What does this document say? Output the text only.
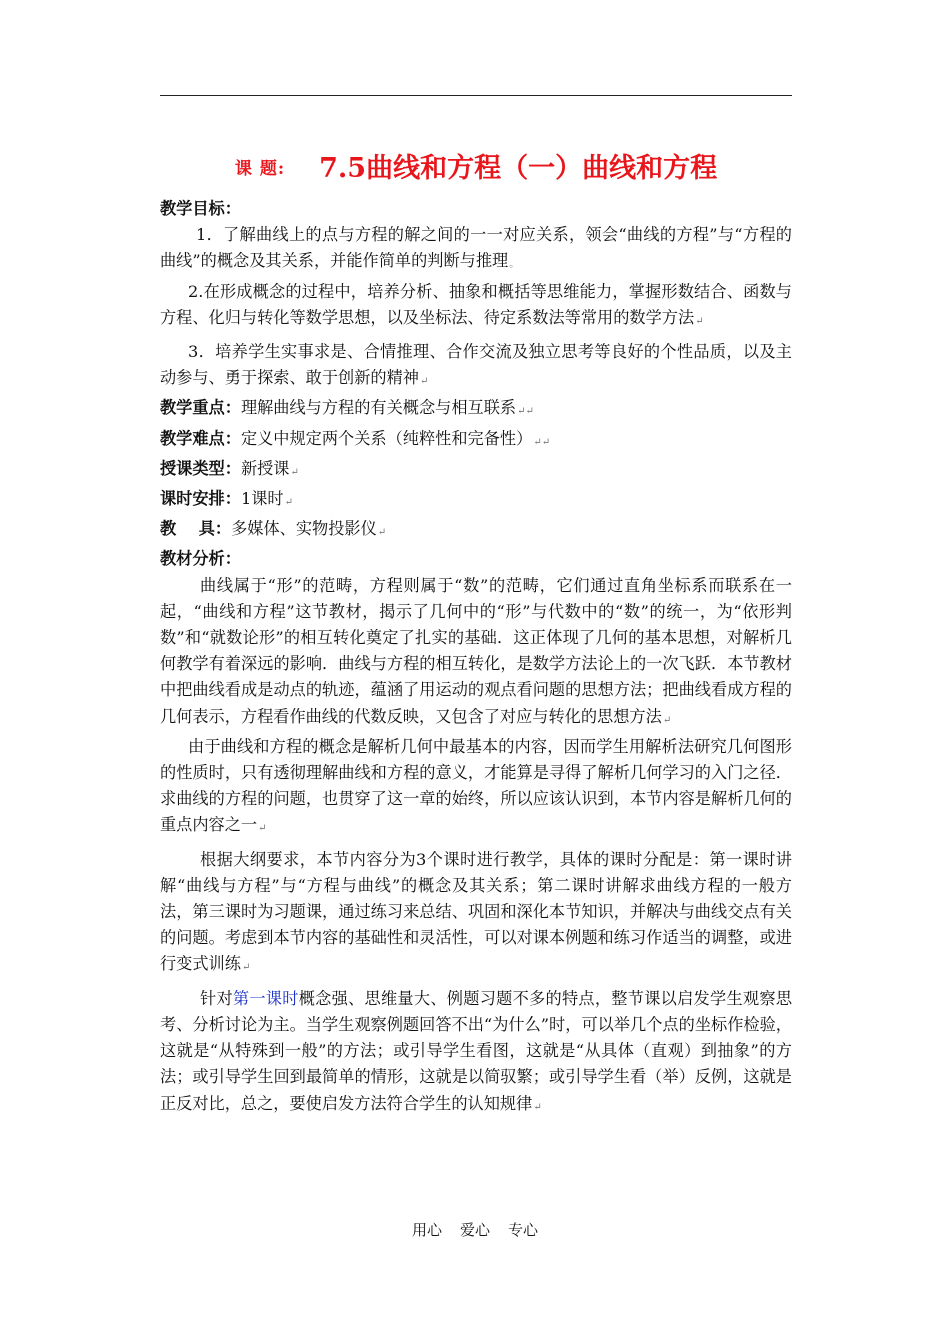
课 题: 7.5曲线和方程（一）曲线和方程

教学目标：

1．了解曲线上的点与方程的解之间的一一对应关系，领会“曲线的方程”与“方程的曲线”的概念及其关系，并能作简单的判断与推理。

2.在形成概念的过程中，培养分析、抽象和概括等思维能力，掌握形数结合、函数与方程、化归与转化等数学思想，以及坐标法、待定系数法等常用的数学方法↵

3．培养学生实事求是、合情推理、合作交流及独立思考等良好的个性品质，以及主动参与、勇于探索、敢于创新的精神↵

教学重点：理解曲线与方程的有关概念与相互联系↵↵

教学难点：定义中规定两个关系（纯粹性和完备性）↵↵

授课类型：新授课↵

课时安排：1课时↵

教    具：多媒体、实物投影仪↵

教材分析：

曲线属于“形”的范畴，方程则属于“数”的范畴，它们通过直角坐标系而联系在一起，“曲线和方程”这节教材，揭示了几何中的“形”与代数中的“数”的统一，为“依形判数”和“就数论形”的相互转化奠定了扎实的基础．这正体现了几何的基本思想，对解析几何教学有着深远的影响．曲线与方程的相互转化，是数学方法论上的一次飞跃．本节教材中把曲线看成是动点的轨迹，蕴涵了用运动的观点看问题的思想方法；把曲线看成方程的几何表示，方程看作曲线的代数反映，又包含了对应与转化的思想方法↵

由于曲线和方程的概念是解析几何中最基本的内容，因而学生用解析法研究几何图形的性质时，只有透彻理解曲线和方程的意义，才能算是寻得了解析几何学习的入门之径．求曲线的方程的问题，也贯穿了这一章的始终，所以应该认识到，本节内容是解析几何的重点内容之一↵

根据大纲要求，本节内容分为3个课时进行教学，具体的课时分配是：第一课时讲解“曲线与方程”与“方程与曲线”的概念及其关系；第二课时讲解求曲线方程的一般方法，第三课时为习题课，通过练习来总结、巩固和深化本节知识，并解决与曲线交点有关的问题。考虑到本节内容的基础性和灵活性，可以对课本例题和练习作适当的调整，或进行变式训练↵

针对第一课时概念强、思维量大、例题习题不多的特点，整节课以启发学生观察思考、分析讨论为主。当学生观察例题回答不出“为什么”时，可以举几个点的坐标作检验，这就是“从特殊到一般”的方法；或引导学生看图，这就是“从具体（直观）到抽象”的方法；或引导学生回到最简单的情形，这就是以简驭繁；或引导学生看（举）反例，这就是正反对比，总之，要使启发方法符合学生的认知规律↵

用心 爱心 专心
